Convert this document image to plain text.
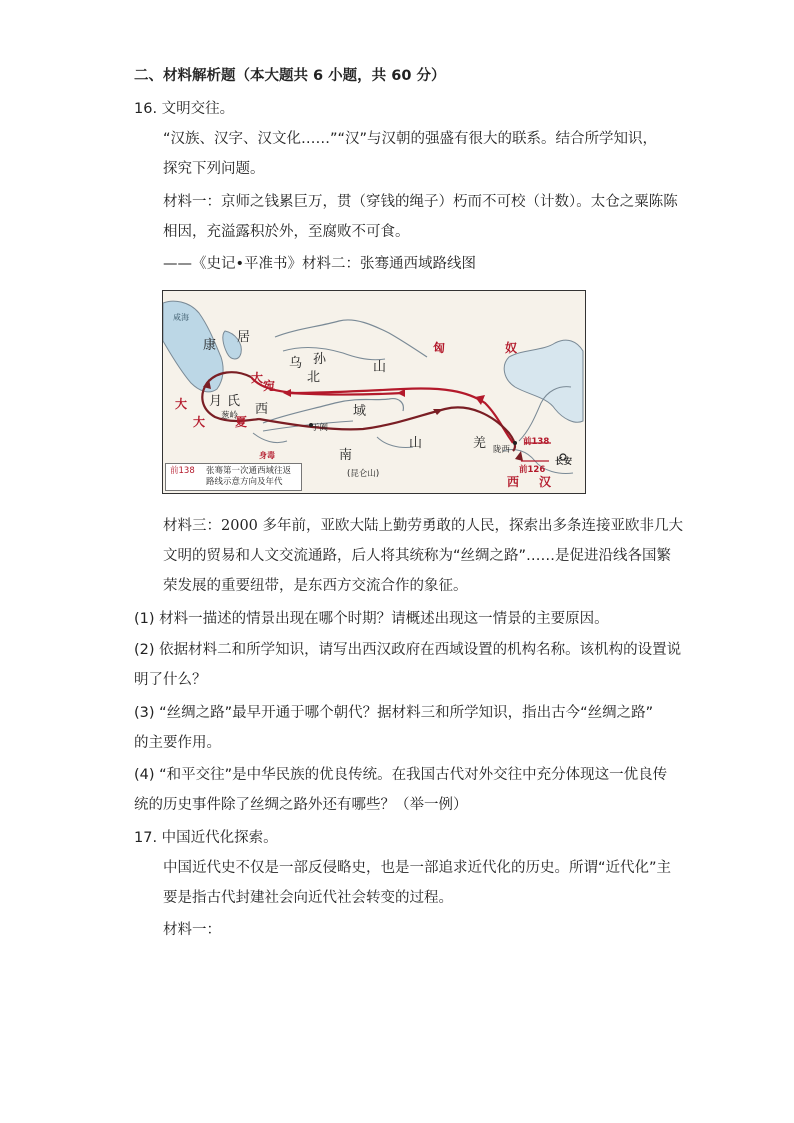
二、材料解析题（本大题共 6 小题，共 60 分）
16. 文明交往。
“汉族、汉字、汉文化……”“汉”与汉朝的强盛有很大的联系。结合所学知识，
探究下列问题。
材料一：京师之钱累巨万，贯（穿钱的绳子）朽而不可校（计数）。太仓之粟陈陈
相因，充溢露积於外，至腐败不可食。
——《史记•平准书》材料二：张骞通西域路线图
咸海
康
居
大
宛
大 月 氏
大 夏
乌 孙
北
山
匈	奴
葱岭 西	域
于阗
南
山
(昆仑山)
羌 陇西
前138
前126
长安
西 汉
身毒
前138 张骞第一次通西域往返
路线示意方向及年代
材料三：2000 多年前，亚欧大陆上勤劳勇敢的人民，探索出多条连接亚欧非几大
文明的贸易和人文交流通路，后人将其统称为“丝绸之路”……是促进沿线各国繁
荣发展的重要纽带，是东西方交流合作的象征。
(1) 材料一描述的情景出现在哪个时期？请概述出现这一情景的主要原因。
(2) 依据材料二和所学知识，请写出西汉政府在西域设置的机构名称。该机构的设置说
明了什么？
(3) “丝绸之路”最早开通于哪个朝代？据材料三和所学知识，指出古今“丝绸之路”
的主要作用。
(4) “和平交往”是中华民族的优良传统。在我国古代对外交往中充分体现这一优良传
统的历史事件除了丝绸之路外还有哪些？（举一例）
17. 中国近代化探索。
中国近代史不仅是一部反侵略史，也是一部追求近代化的历史。所谓“近代化”主
要是指古代封建社会向近代社会转变的过程。
材料一：
